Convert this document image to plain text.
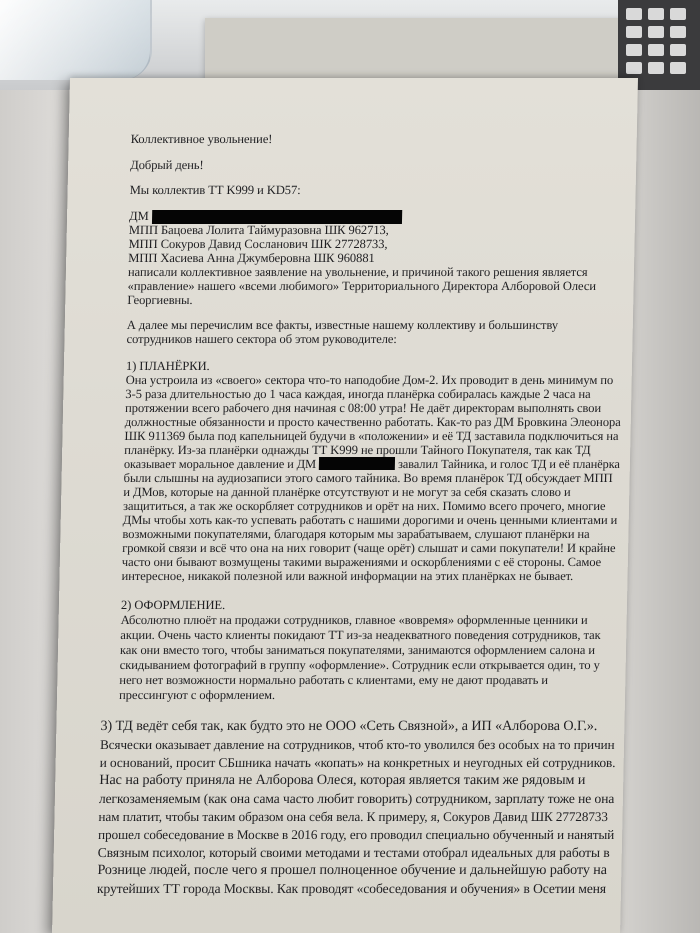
Коллективное увольнение!
Добрый день!
Мы коллектив ТТ K999 и KD57:
ДМ
МПП Бацоева Лолита Таймуразовна ШК 962713,
МПП Сокуров Давид Сосланович ШК 27728733,
МПП Хасиева Анна Джумберовна ШК 960881
написали коллективное заявление на увольнение, и причиной такого решения является
«правление» нашего «всеми любимого» Территориального Директора Алборовой Олеси
Георгиевны.
А далее мы перечислим все факты, известные нашему коллективу и большинству
сотрудников нашего сектора об этом руководителе:
1) ПЛАНЁРКИ.
Она устроила из «своего» сектора что-то наподобие Дом-2. Их проводит в день минимум по
3-5 раза длительностью до 1 часа каждая, иногда планёрка собиралась каждые 2 часа на
протяжении всего рабочего дня начиная с 08:00 утра! Не даёт директорам выполнять свои
должностные обязанности и просто качественно работать. Как-то раз ДМ Бровкина Элеонора
ШК 911369 была под капельницей будучи в «положении» и её ТД заставила подключиться на
планёрку. Из-за планёрки однажды ТТ K999 не прошли Тайного Покупателя, так как ТД
оказывает моральное давление и ДМ	завалил Тайника, и голос ТД и её планёрка
были слышны на аудиозаписи этого самого тайника. Во время планёрок ТД обсуждает МПП
и ДМов, которые на данной планёрке отсутствуют и не могут за себя сказать слово и
защититься, а так же оскорбляет сотрудников и орёт на них. Помимо всего прочего, многие
ДМы чтобы хоть как-то успевать работать с нашими дорогими и очень ценными клиентами и
возможными покупателями, благодаря которым мы зарабатываем, слушают планёрки на
громкой связи и всё что она на них говорит (чаще орёт) слышат и сами покупатели! И крайне
часто они бывают возмущены такими выражениями и оскорблениями с её стороны. Самое
интересное, никакой полезной или важной информации на этих планёрках не бывает.
2) ОФОРМЛЕНИЕ.
Абсолютно плюёт на продажи сотрудников, главное «вовремя» оформленные ценники и
акции. Очень часто клиенты покидают ТТ из-за неадекватного поведения сотрудников, так
как они вместо того, чтобы заниматься покупателями, занимаются оформлением салона и
скидыванием фотографий в группу «оформление». Сотрудник если открывается один, то у
него нет возможности нормально работать с клиентами, ему не дают продавать и
прессингуют с оформлением.
3) ТД ведёт себя так, как будто это не ООО «Сеть Связной», а ИП «Алборова О.Г.».
Всячески оказывает давление на сотрудников, чтоб кто-то уволился без особых на то причин
и оснований, просит СБшника начать «копать» на конкретных и неугодных ей сотрудников.
Нас на работу приняла не Алборова Олеся, которая является таким же рядовым и
легкозаменяемым (как она сама часто любит говорить) сотрудником, зарплату тоже не она
нам платит, чтобы таким образом она себя вела. К примеру, я, Сокуров Давид ШК 27728733
прошел собеседование в Москве в 2016 году, его проводил специально обученный и нанятый
Связным психолог, который своими методами и тестами отобрал идеальных для работы в
Рознице людей, после чего я прошел полноценное обучение и дальнейшую работу на
крутейших ТТ города Москвы. Как проводят «собеседования и обучения» в Осетии меня
